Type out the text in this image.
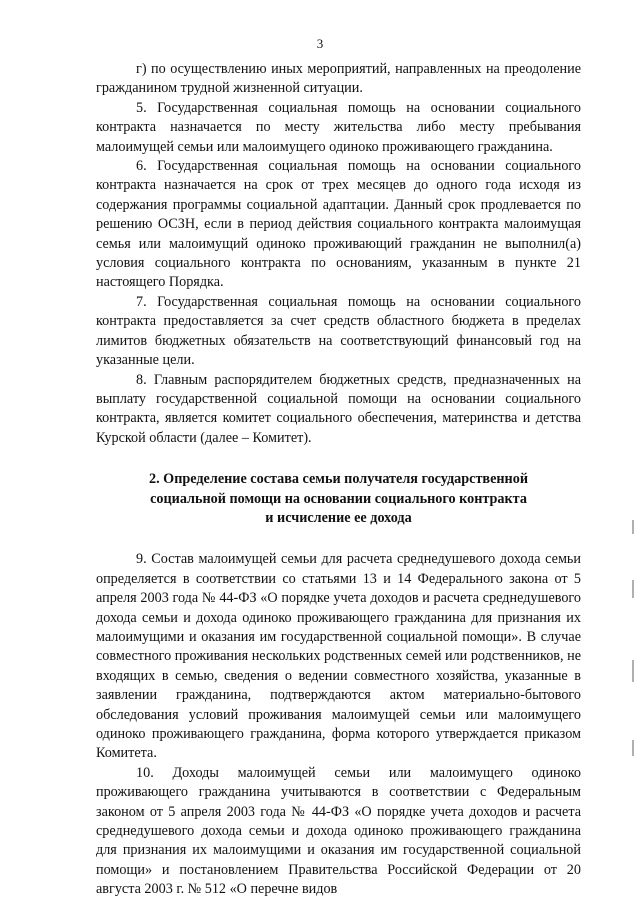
3

г) по осуществлению иных мероприятий, направленных на преодоление гражданином трудной жизненной ситуации.

5. Государственная социальная помощь на основании социального контракта назначается по месту жительства либо месту пребывания малоимущей семьи или малоимущего одиноко проживающего гражданина.

6. Государственная социальная помощь на основании социального контракта назначается на срок от трех месяцев до одного года исходя из содержания программы социальной адаптации. Данный срок продлевается по решению ОСЗН, если в период действия социального контракта малоимущая семья или малоимущий одиноко проживающий гражданин не выполнил(а) условия социального контракта по основаниям, указанным в пункте 21 настоящего Порядка.

7. Государственная социальная помощь на основании социального контракта предоставляется за счет средств областного бюджета в пределах лимитов бюджетных обязательств на соответствующий финансовый год на указанные цели.

8. Главным распорядителем бюджетных средств, предназначенных на выплату государственной социальной помощи на основании социального контракта, является комитет социального обеспечения, материнства и детства Курской области (далее – Комитет).

2. Определение состава семьи получателя государственной
социальной помощи на основании социального контракта
и исчисление ее дохода

9. Состав малоимущей семьи для расчета среднедушевого дохода семьи определяется в соответствии со статьями 13 и 14 Федерального закона от 5 апреля 2003 года № 44-ФЗ «О порядке учета доходов и расчета среднедушевого дохода семьи и дохода одиноко проживающего гражданина для признания их малоимущими и оказания им государственной социальной помощи». В случае совместного проживания нескольких родственных семей или родственников, не входящих в семью, сведения о ведении совместного хозяйства, указанные в заявлении гражданина, подтверждаются актом материально-бытового обследования условий проживания малоимущей семьи или малоимущего одиноко проживающего гражданина, форма которого утверждается приказом Комитета.

10. Доходы малоимущей семьи или малоимущего одиноко проживающего гражданина учитываются в соответствии с Федеральным законом от 5 апреля 2003 года № 44-ФЗ «О порядке учета доходов и расчета среднедушевого дохода семьи и дохода одиноко проживающего гражданина для признания их малоимущими и оказания им государственной социальной помощи» и постановлением Правительства Российской Федерации от 20 августа 2003 г. № 512 «О перечне видов
